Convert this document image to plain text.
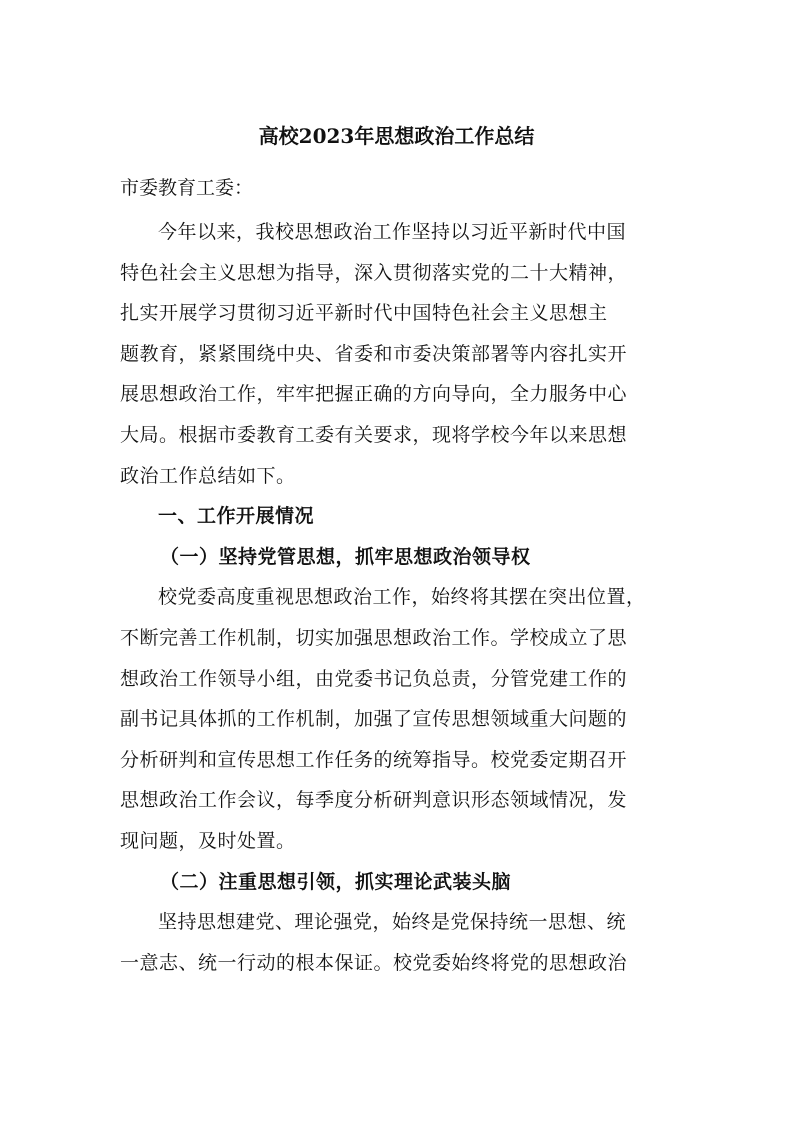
高校2023年思想政治工作总结

市委教育工委：

今年以来，我校思想政治工作坚持以习近平新时代中国
特色社会主义思想为指导，深入贯彻落实党的二十大精神，
扎实开展学习贯彻习近平新时代中国特色社会主义思想主
题教育，紧紧围绕中央、省委和市委决策部署等内容扎实开
展思想政治工作，牢牢把握正确的方向导向，全力服务中心
大局。根据市委教育工委有关要求，现将学校今年以来思想
政治工作总结如下。

一、工作开展情况

（一）坚持党管思想，抓牢思想政治领导权

校党委高度重视思想政治工作，始终将其摆在突出位置，
不断完善工作机制，切实加强思想政治工作。学校成立了思
想政治工作领导小组，由党委书记负总责，分管党建工作的
副书记具体抓的工作机制，加强了宣传思想领域重大问题的
分析研判和宣传思想工作任务的统筹指导。校党委定期召开
思想政治工作会议，每季度分析研判意识形态领域情况，发
现问题，及时处置。

（二）注重思想引领，抓实理论武装头脑

坚持思想建党、理论强党，始终是党保持统一思想、统
一意志、统一行动的根本保证。校党委始终将党的思想政治
